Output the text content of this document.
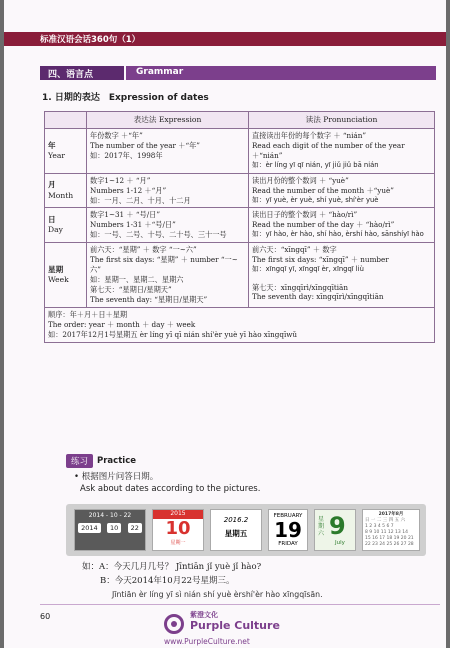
标准汉语会话360句（1）
四、语言点	Grammar
1. 日期的表达　Expression of dates
	表达法 Expression	读法 Pronunciation

年
Year	年份数字 ＋“年”
The number of the year ＋“年”
如：2017年、1998年	直接读出年份的每个数字 ＋ “nián”
Read each digit of the number of the year ＋“nián”
如：èr líng yī qī nián, yī jiǔ jiǔ bā nián

月
Month	数字1~12 ＋ “月”
Numbers 1-12 ＋“月”
如：一月、二月、十月、十二月	读出月份的整个数词 ＋ “yuè”
Read the number of the month ＋“yuè”
如：yī yuè, èr yuè, shí yuè, shí'èr yuè

日
Day	数字1~31 ＋ “号/日”
Numbers 1-31 ＋“号/日”
如：一号、二号、十号、二十号、三十一号	读出日子的整个数词 ＋ “hào/rì”
Read the number of the day ＋ “hào/rì”
如：yī hào, èr hào, shí hào, èrshí hào, sānshíyī hào

星期
Week	前六天：“星期” ＋ 数字 “一~六”
The first six days: “星期” ＋ number “一~六”
如：星期一、星期二、星期六
第七天：“星期日/星期天”
The seventh day: “星期日/星期天”	前六天：“xīngqī” ＋ 数字
The first six days: “xīngqī” ＋ number
如：xīngqī yī, xīngqī èr, xīngqī liù
第七天：xīngqīrì/xīngqītiān
The seventh day: xīngqīrì/xīngqītiān

顺序：年＋月＋日＋星期
The order: year ＋ month ＋ day ＋ week
如：2017年12月1号星期五 èr líng yī qī nián shí'èr yuè yī hào xīngqīwǔ		
练习	Practice
• 根据图片问答日期。
Ask about dates according to the pictures.
2014 - 10 - 22
2014	10	22
2015
10
星期一
2016.2
星期五
FEBRUARY
19
FRIDAY
星期六 9
July
2017年8月
日 一 二 三 四 五 六
1 2 3 4 5 6 7
8 9 10 11 12 13 14
15 16 17 18 19 20 21
22 23 24 25 26 27 28
如：A：今天几月几号？ Jīntiān jǐ yuè jǐ hào?
B：今天2014年10月22号星期三。
Jīntiān èr líng yī sì nián shí yuè èrshí'èr hào xīngqīsān.
60	紫澄文化
Purple Culture
www.PurpleCulture.net
